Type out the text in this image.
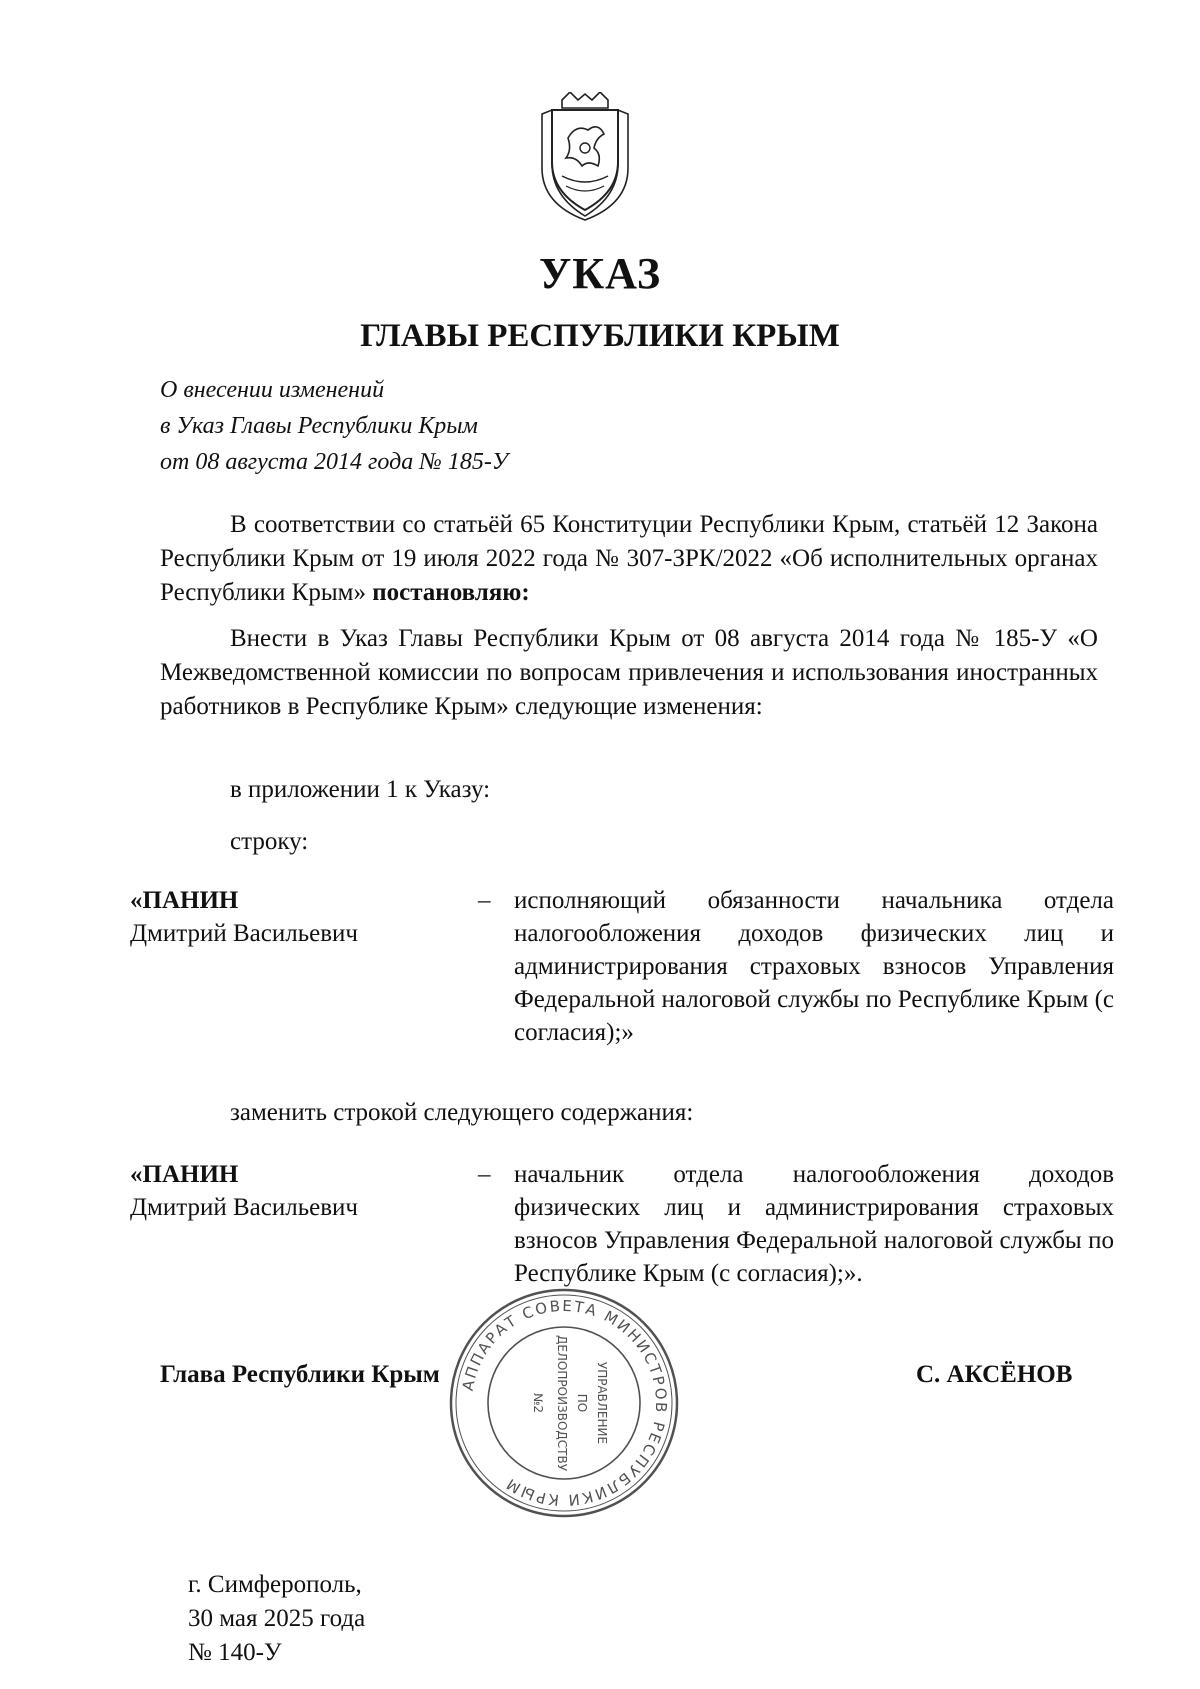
УКАЗ
ГЛАВЫ РЕСПУБЛИКИ КРЫМ
О внесении изменений
в Указ Главы Республики Крым
от 08 августа 2014 года № 185-У
В соответствии со статьёй 65 Конституции Республики Крым, статьёй 12 Закона Республики Крым от 19 июля 2022 года № 307-ЗРК/2022 «Об исполнительных органах Республики Крым» постановляю:
Внести в Указ Главы Республики Крым от 08 августа 2014 года № 185-У «О Межведомственной комиссии по вопросам привлечения и использования иностранных работников в Республике Крым» следующие изменения:
в приложении 1 к Указу:
строку:
«ПАНИН
Дмитрий Васильевич
– исполняющий обязанности начальника отдела налогообложения доходов физических лиц и администрирования страховых взносов Управления Федеральной налоговой службы по Республике Крым (с согласия);»
заменить строкой следующего содержания:
«ПАНИН
Дмитрий Васильевич
– начальник отдела налогообложения доходов физических лиц и администрирования страховых взносов Управления Федеральной налоговой службы по Республике Крым (с согласия);».
Глава Республики Крым	С. АКСЁНОВ
АППАРАТ СОВЕТА МИНИСТРОВ РЕСПУБЛИКИ КРЫМ
УПРАВЛЕНИЕ
ПО
ДЕЛОПРОИЗВОДСТВУ
№2
г. Симферополь,
30 мая 2025 года
№ 140-У
